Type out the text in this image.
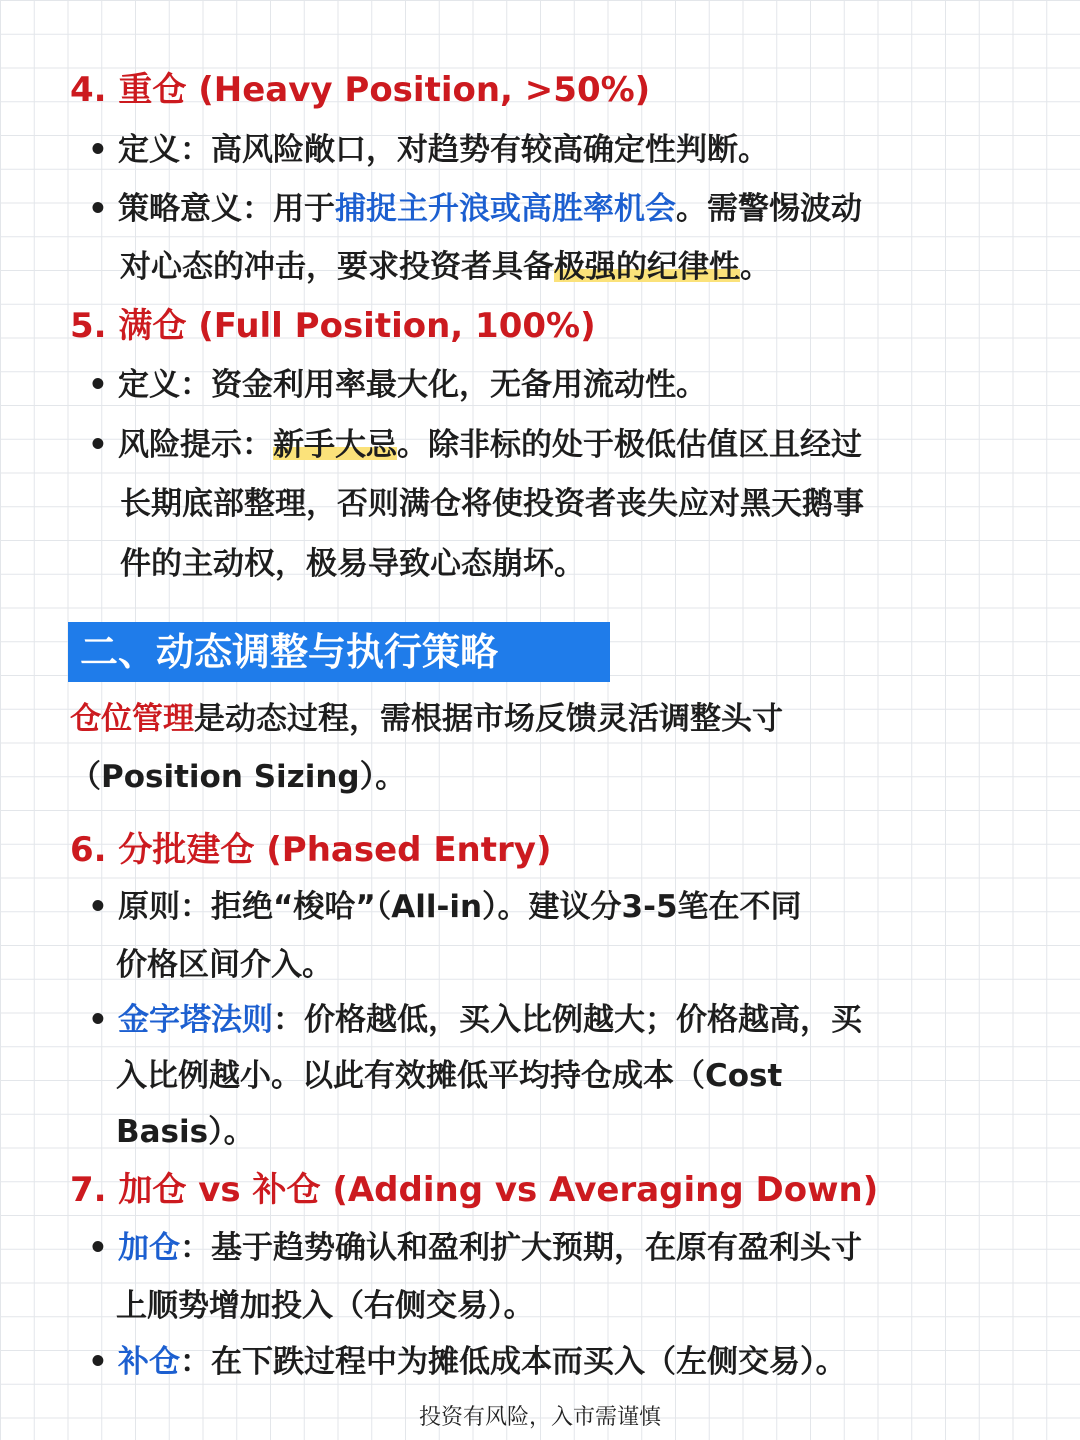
4. 重仓 (Heavy Position, >50%)

• 定义：高风险敞口，对趋势有较高确定性判断。

• 策略意义：用于捕捉主升浪或高胜率机会。需警惕波动

对心态的冲击，要求投资者具备极强的纪律性。

5. 满仓 (Full Position, 100%)

• 定义：资金利用率最大化，无备用流动性。

• 风险提示：新手大忌。除非标的处于极低估值区且经过

长期底部整理，否则满仓将使投资者丧失应对黑天鹅事

件的主动权，极易导致心态崩坏。

二、动态调整与执行策略

仓位管理是动态过程，需根据市场反馈灵活调整头寸

（Position Sizing）。

6. 分批建仓 (Phased Entry)

• 原则：拒绝“梭哈”（All-in）。建议分3-5笔在不同

价格区间介入。

• 金字塔法则：价格越低，买入比例越大；价格越高，买

入比例越小。以此有效摊低平均持仓成本（Cost

Basis）。

7. 加仓 vs 补仓 (Adding vs Averaging Down)

• 加仓：基于趋势确认和盈利扩大预期，在原有盈利头寸

上顺势增加投入（右侧交易）。

• 补仓：在下跌过程中为摊低成本而买入（左侧交易）。

投资有风险，入市需谨慎
